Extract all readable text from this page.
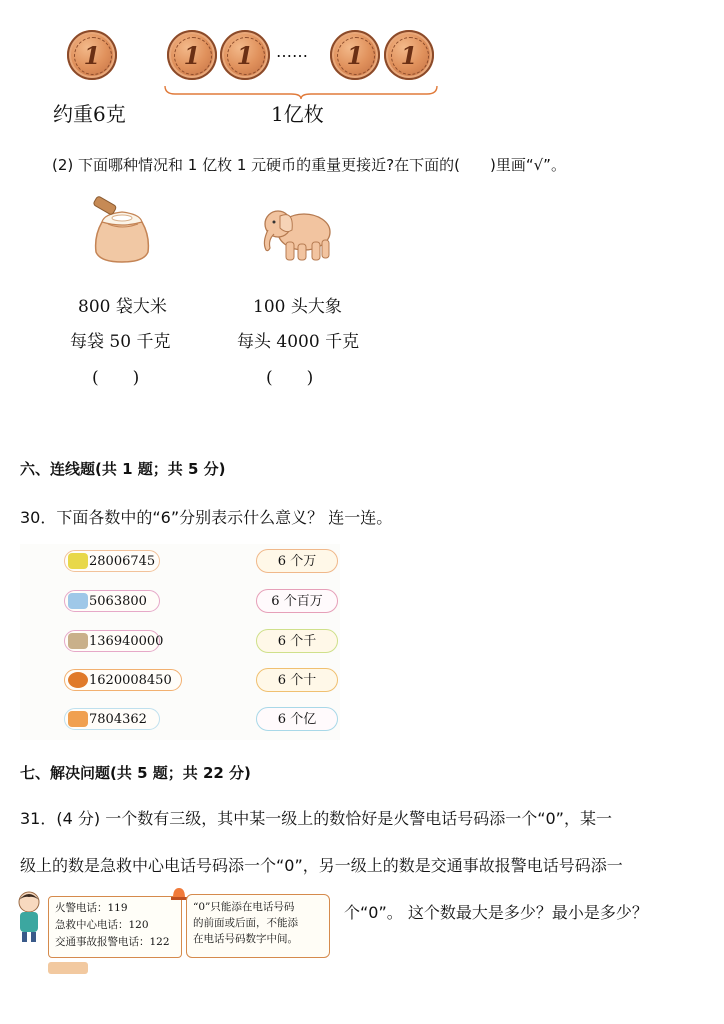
1	1	1	……	1	1
约重6克	1亿枚
(2) 下面哪种情况和 1 亿枚 1 元硬币的重量更接近?在下面的(　　)里画“√”。
800 袋大米
每袋 50 千克
(　　)
100 头大象
每头 4000 千克
(　　)
六、连线题(共 1 题；共 5 分)
30．下面各数中的“6”分别表示什么意义？ 连一连。
28006745
5063800
136940000
1620008450
7804362
6 个万
6 个百万
6 个千
6 个十
6 个亿
七、解决问题(共 5 题；共 22 分)
31．(4 分) 一个数有三级，其中某一级上的数恰好是火警电话号码添一个“0”，某一
级上的数是急救中心电话号码添一个“0”，另一级上的数是交通事故报警电话号码添一
个“0”。 这个数最大是多少？最小是多少？
火警电话：119
急救中心电话：120
交通事故报警电话：122
“0”只能添在电话号码
的前面或后面，不能添
在电话号码数字中间。
